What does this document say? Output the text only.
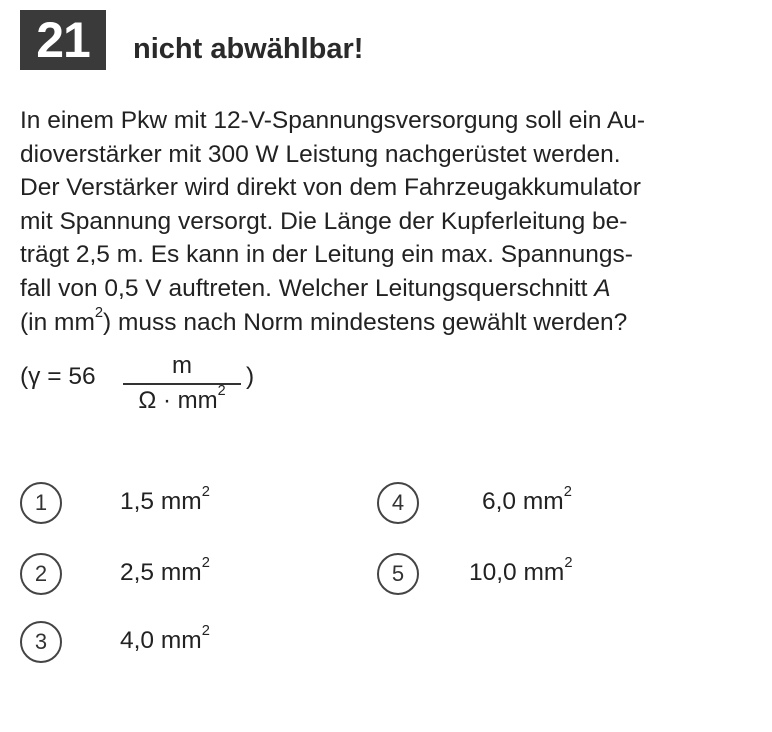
21	nicht abwählbar!

In einem Pkw mit 12-V-Spannungsversorgung soll ein Au-
dioverstärker mit 300 W Leistung nachgerüstet werden.
Der Verstärker wird direkt von dem Fahrzeugakkumulator
mit Spannung versorgt. Die Länge der Kupferleitung be-
trägt 2,5 m. Es kann in der Leitung ein max. Spannungs-
fall von 0,5 V auftreten. Welcher Leitungsquerschnitt A
(in $mm^2$) muss nach Norm mindestens gewählt werden?

(γ = 56	m
$\Omega \cdot mm^2$
)
1	1,5 $mm^2$
2	2,5 $mm^2$
3	4,0 $mm^2$
4	6,0 $mm^2$
5	10,0 $mm^2$
